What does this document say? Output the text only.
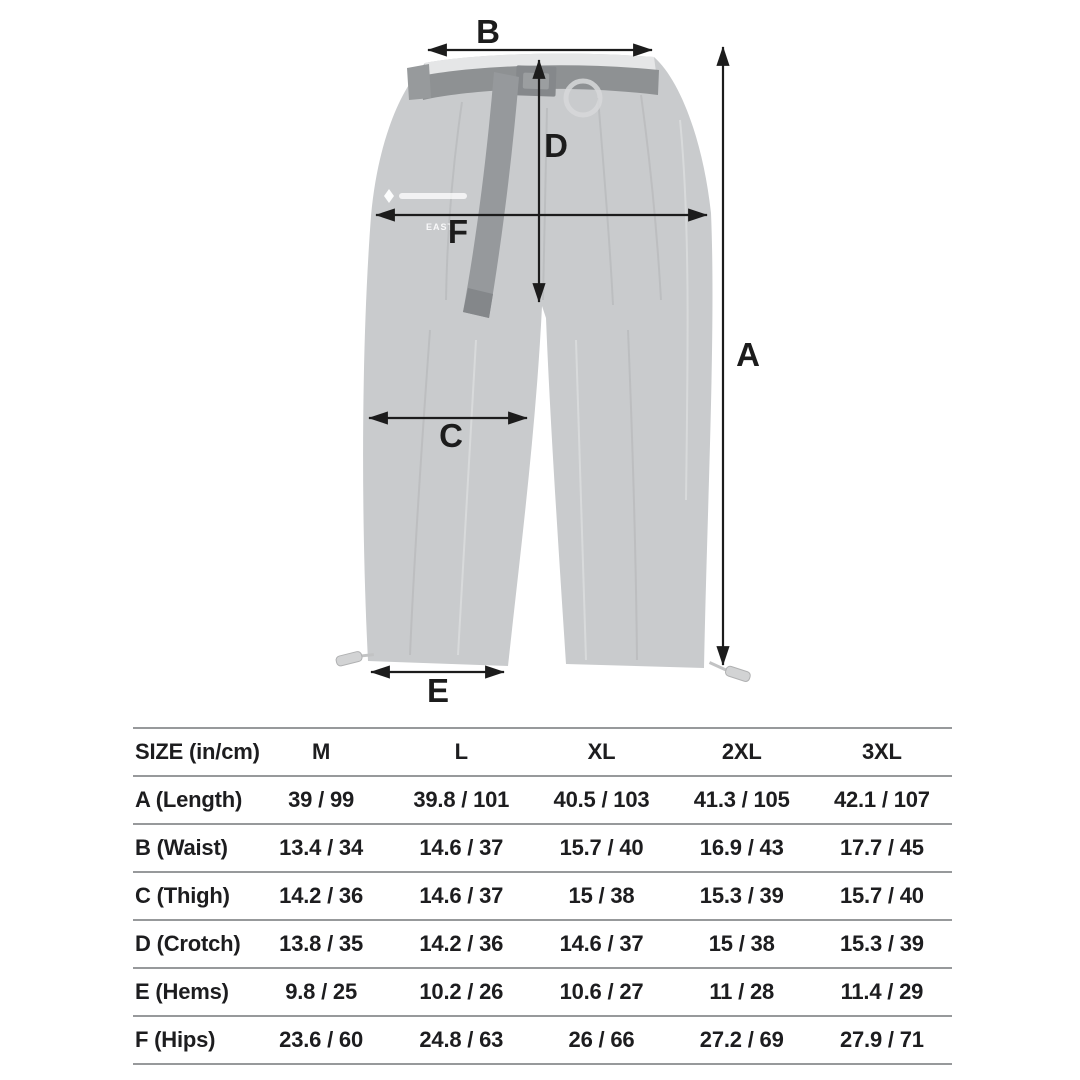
EAST
B
D
F
A
C
E
SIZE (in/cm)	M	L	XL	2XL	3XL
A (Length)	39 / 99	39.8 / 101	40.5 / 103	41.3 / 105	42.1 / 107
B (Waist)	13.4 / 34	14.6 / 37	15.7 / 40	16.9 / 43	17.7 / 45
C (Thigh)	14.2 / 36	14.6 / 37	15 / 38	15.3 / 39	15.7 / 40
D (Crotch)	13.8 / 35	14.2 / 36	14.6 / 37	15 / 38	15.3 / 39
E (Hems)	9.8 / 25	10.2 / 26	10.6 / 27	11 / 28	11.4 / 29
F (Hips)	23.6 / 60	24.8 / 63	26 / 66	27.2 / 69	27.9 / 71
